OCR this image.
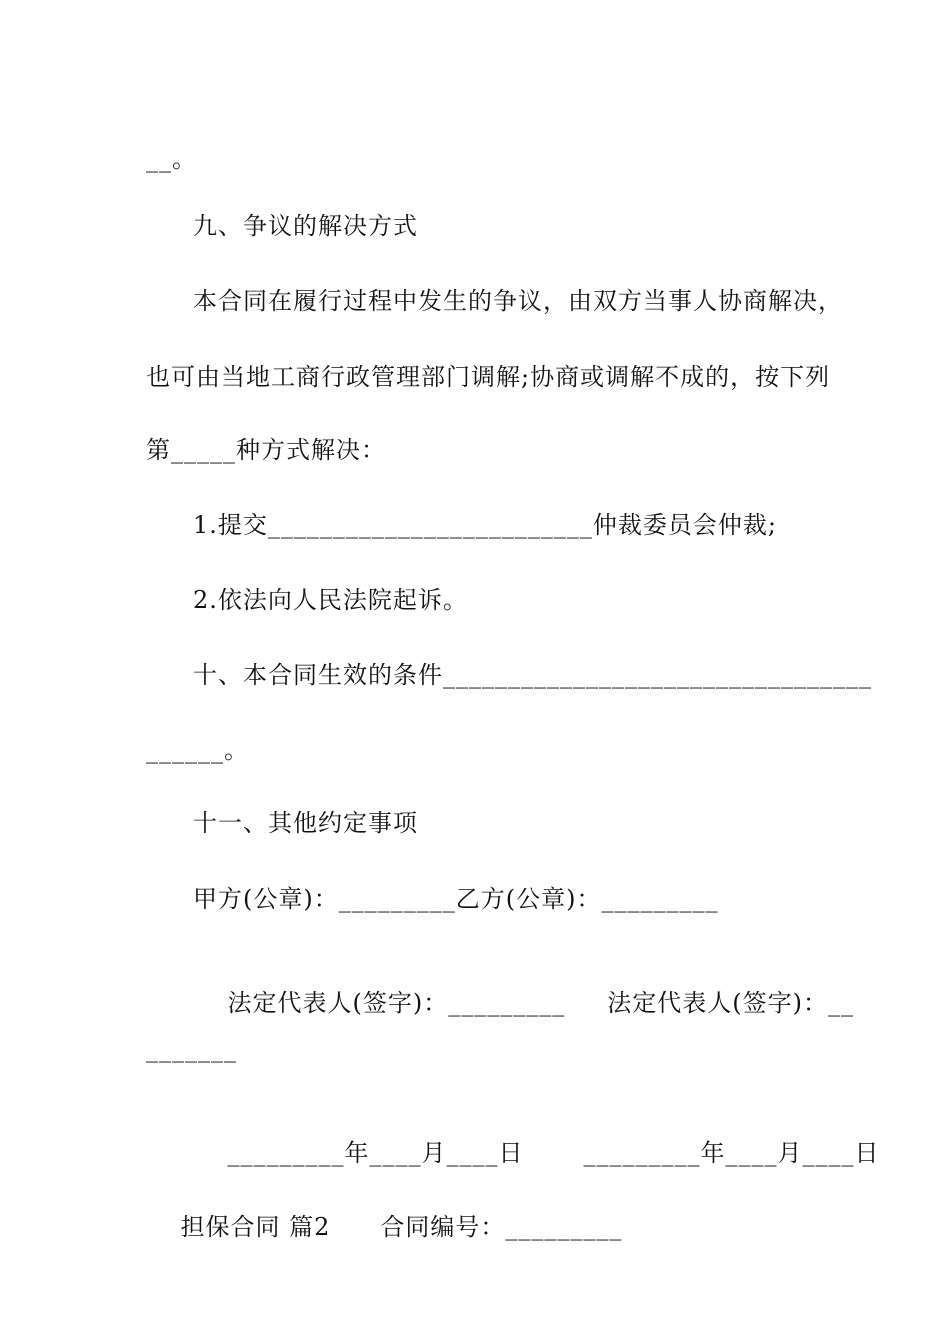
__。
九、争议的解决方式
本合同在履行过程中发生的争议，由双方当事人协商解决，
也可由当地工商行政管理部门调解;协商或调解不成的，按下列
第_____种方式解决：
1.提交_________________________仲裁委员会仲裁;
2.依法向人民法院起诉。
十、本合同生效的条件_________________________________
______。
十一、其他约定事项
甲方(公章)：_________乙方(公章)：_________

法定代表人(签字)：_________ 法定代表人(签字)：__

_______

_________年____月____日	_________年____月____日

担保合同 篇2 合同编号：_________
